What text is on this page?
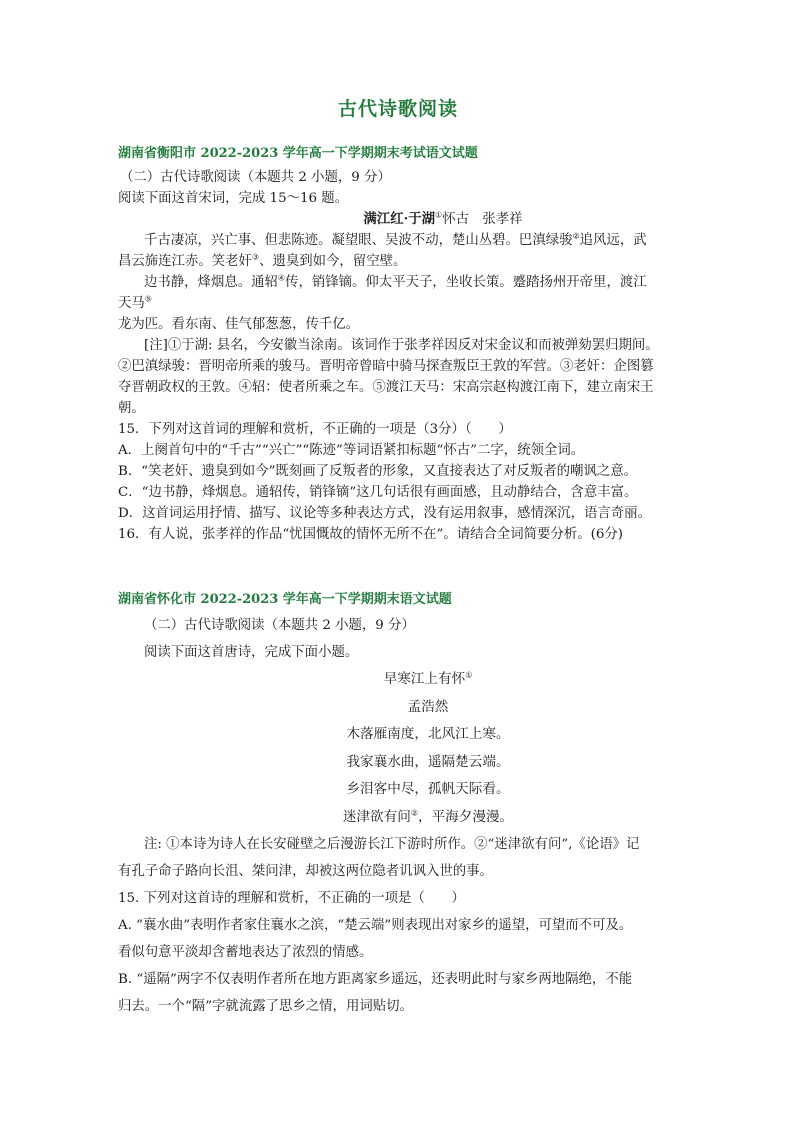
古代诗歌阅读
湖南省衡阳市 2022-2023 学年高一下学期期末考试语文试题

（二）古代诗歌阅读（本题共 2 小题，9 分）

阅读下面这首宋词，完成 15～16 题。

满江红·于湖①怀古　张孝祥

千古凄凉，兴亡事、但悲陈迹。凝望眼、吴波不动，楚山丛碧。巴滇绿骏②追风远，武

昌云旆连江赤。笑老奸③、遗臭到如今，留空壁。

边书静，烽烟息。通轺④传，销锋镝。仰太平天子，坐收长策。蹙踏扬州开帝里，渡江

天马⑤

龙为匹。看东南、佳气郁葱葱，传千亿。

[注]①于湖: 县名，今安徽当涂南。该词作于张孝祥因反对宋金议和而被弹劾罢归期间。

②巴滇绿骏：晋明帝所乘的骏马。晋明帝曾暗中骑马探查叛臣王敦的军营。③老奸：企图篡

夺晋朝政权的王敦。④轺：使者所乘之车。⑤渡江天马：宋高宗赵构渡江南下，建立南宋王

朝。

15．下列对这首词的理解和赏析，不正确的一项是（3分）（　　）

A．上阕首句中的“千古”“兴亡”“陈迹”等词语紧扣标题“怀古”二字，统领全词。

B．“笑老奸、遗臭到如今”既刻画了反叛者的形象，又直接表达了对反叛者的嘲讽之意。

C．“边书静，烽烟息。通轺传，销锋镝”这几句话很有画面感，且动静结合，含意丰富。

D．这首词运用抒情、描写、议论等多种表达方式，没有运用叙事，感情深沉，语言奇丽。

16．有人说，张孝祥的作品“忧国慨故的情怀无所不在”。请结合全词简要分析。(6分)

湖南省怀化市 2022-2023 学年高一下学期期末语文试题

（二）古代诗歌阅读（本题共 2 小题，9 分）

阅读下面这首唐诗，完成下面小题。

早寒江上有怀①

孟浩然

木落雁南度，北风江上寒。

我家襄水曲，遥隔楚云端。

乡泪客中尽，孤帆天际看。

迷津欲有问②，平海夕漫漫。

注: ①本诗为诗人在长安碰壁之后漫游长江下游时所作。②“迷津欲有问”,《论语》记

有孔子命子路向长沮、桀问津，却被这两位隐者讥讽入世的事。

15. 下列对这首诗的理解和赏析，不正确的一项是（　　）

A. “襄水曲”表明作者家住襄水之滨，“楚云端”则表现出对家乡的遥望，可望而不可及。

看似句意平淡却含蓄地表达了浓烈的情感。

B. “遥隔”两字不仅表明作者所在地方距离家乡遥远，还表明此时与家乡两地隔绝，不能

归去。一个“隔”字就流露了思乡之情，用词贴切。
